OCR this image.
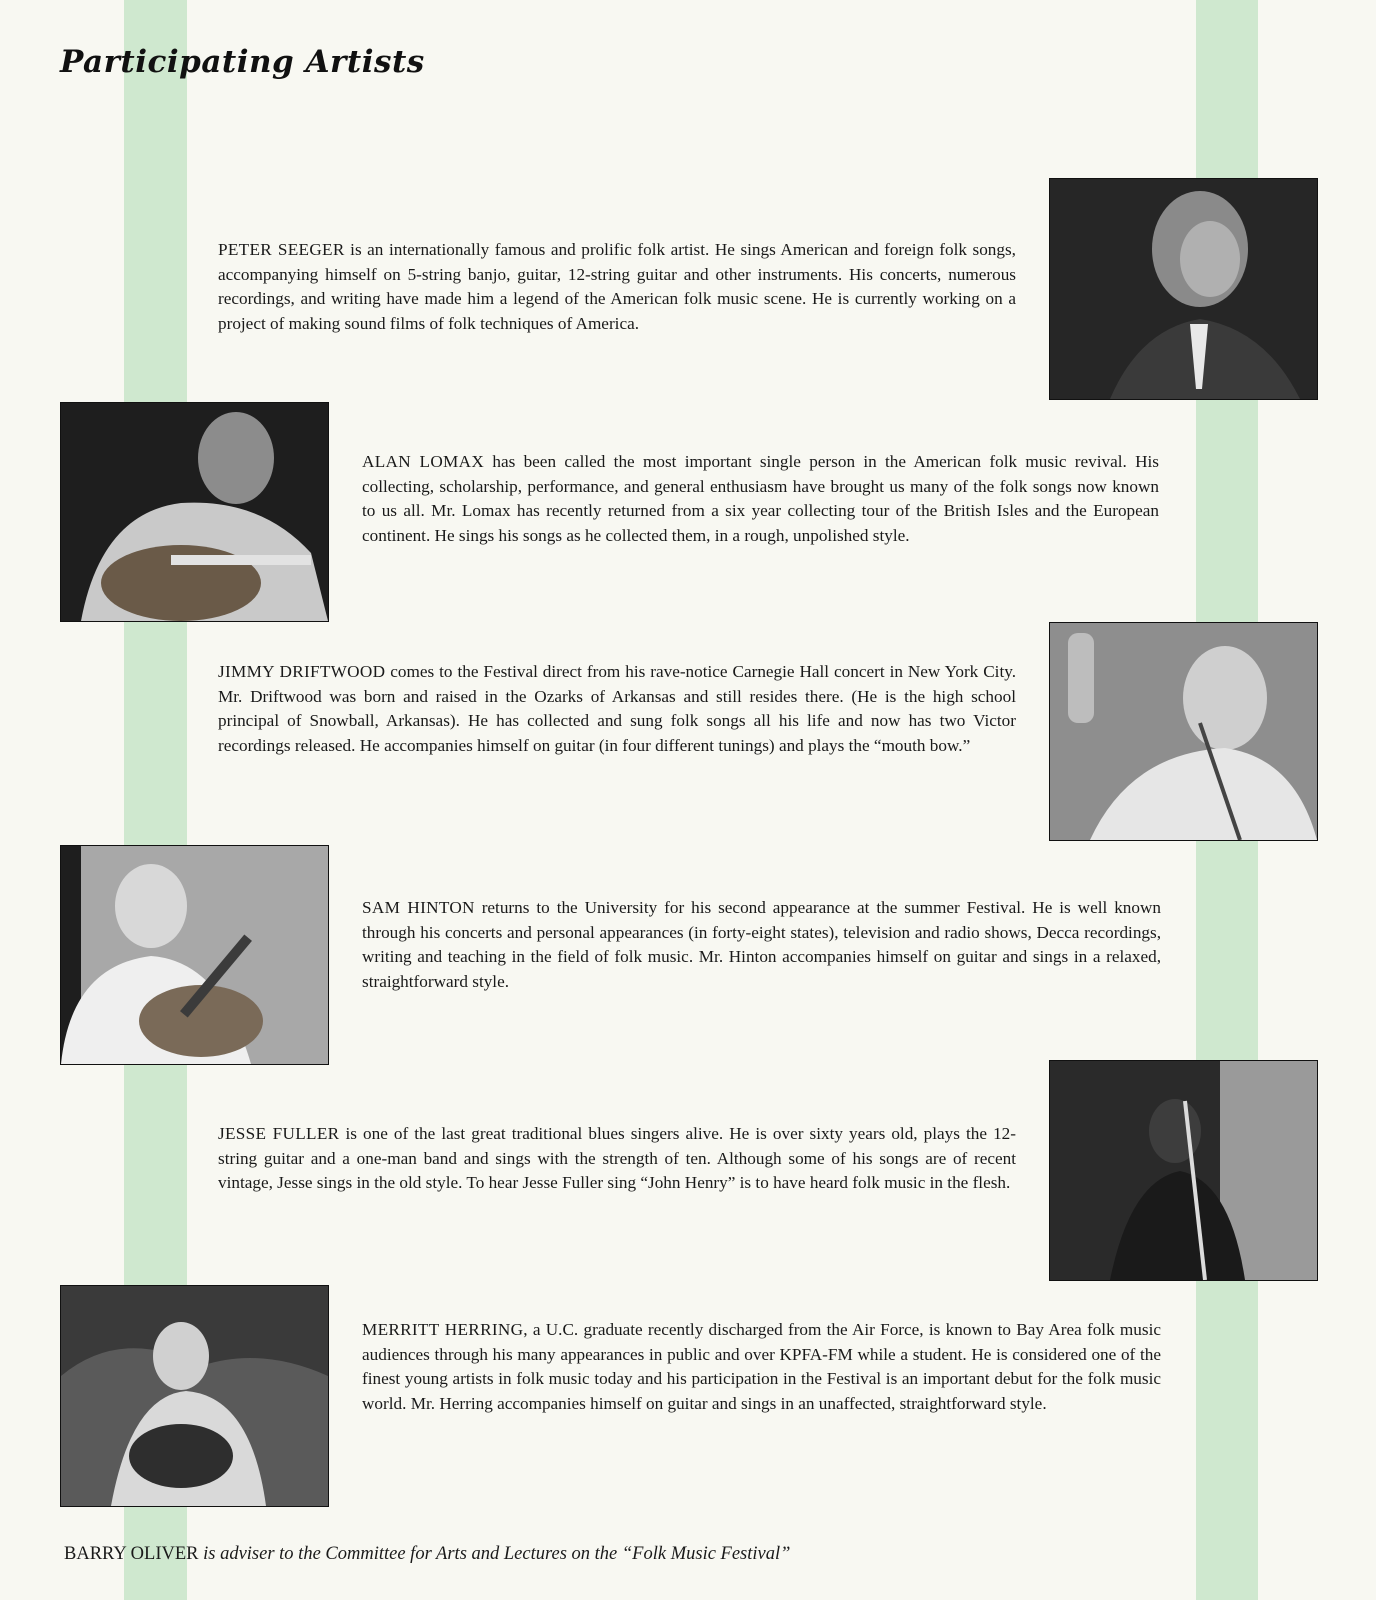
Participating Artists

PETER SEEGER is an internationally famous and prolific folk artist. He sings American and foreign folk songs, accompanying himself on 5-string banjo, guitar, 12-string guitar and other instruments. His concerts, numerous recordings, and writing have made him a legend of the American folk music scene. He is currently working on a project of making sound films of folk techniques of America.

ALAN LOMAX has been called the most important single person in the American folk music revival. His collecting, scholarship, performance, and general enthusiasm have brought us many of the folk songs now known to us all. Mr. Lomax has recently returned from a six year collecting tour of the British Isles and the European continent. He sings his songs as he collected them, in a rough, unpolished style.

JIMMY DRIFTWOOD comes to the Festival direct from his rave-notice Carnegie Hall concert in New York City. Mr. Driftwood was born and raised in the Ozarks of Arkansas and still resides there. (He is the high school principal of Snowball, Arkansas). He has collected and sung folk songs all his life and now has two Victor recordings released. He accompanies himself on guitar (in four different tunings) and plays the “mouth bow.”

SAM HINTON returns to the University for his second appearance at the summer Festival. He is well known through his concerts and personal appearances (in forty-eight states), television and radio shows, Decca recordings, writing and teaching in the field of folk music. Mr. Hinton accompanies himself on guitar and sings in a relaxed, straightforward style.

JESSE FULLER is one of the last great traditional blues singers alive. He is over sixty years old, plays the 12-string guitar and a one-man band and sings with the strength of ten. Although some of his songs are of recent vintage, Jesse sings in the old style. To hear Jesse Fuller sing “John Henry” is to have heard folk music in the flesh.

MERRITT HERRING, a U.C. graduate recently discharged from the Air Force, is known to Bay Area folk music audiences through his many appearances in public and over KPFA-FM while a student. He is considered one of the finest young artists in folk music today and his participation in the Festival is an important debut for the folk music world. Mr. Herring accompanies himself on guitar and sings in an unaffected, straightforward style.

BARRY OLIVER is adviser to the Committee for Arts and Lectures on the “Folk Music Festival”
